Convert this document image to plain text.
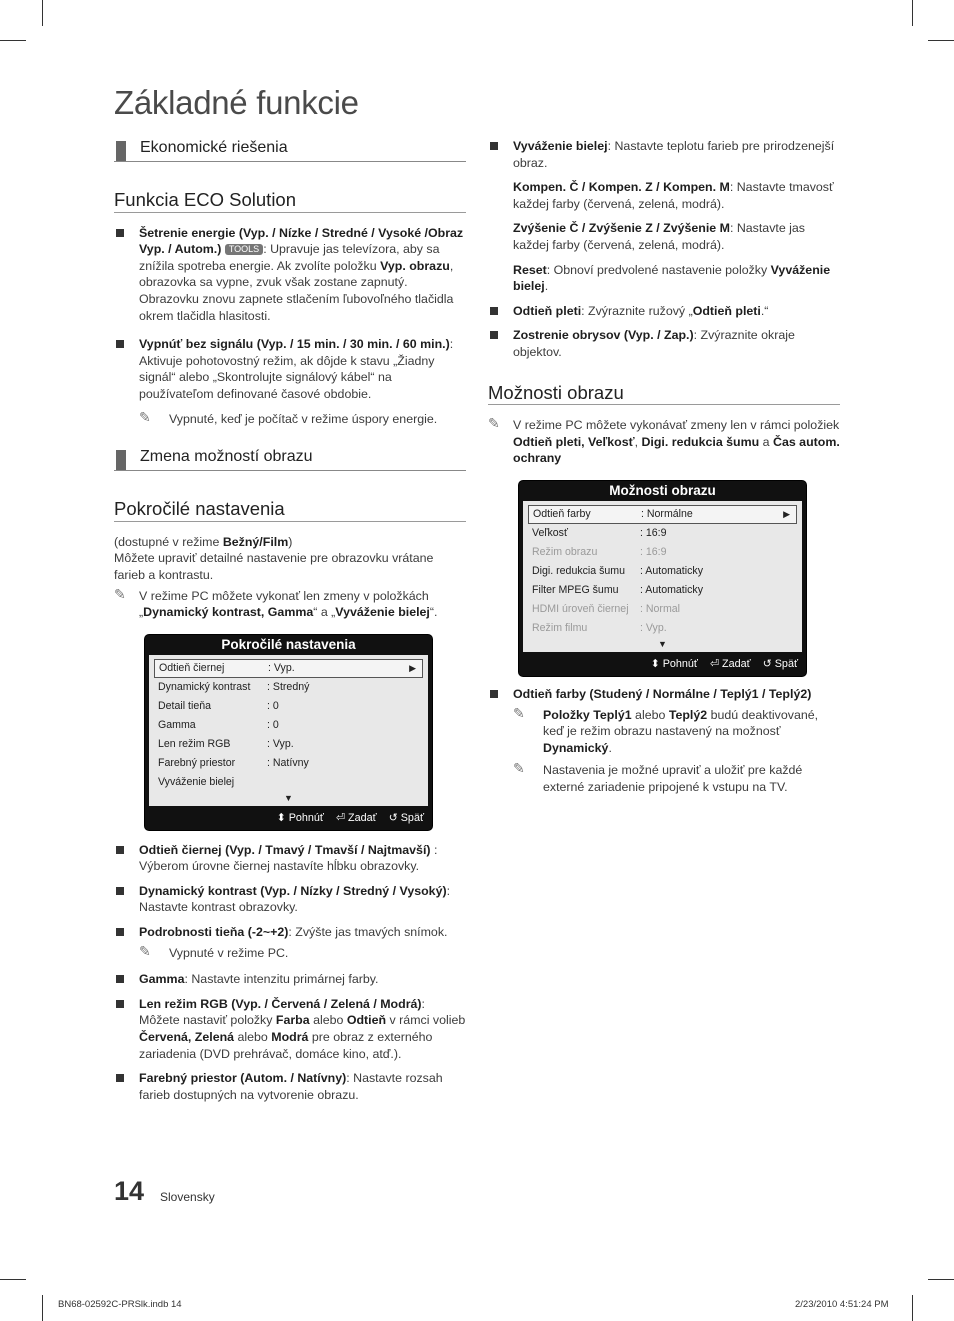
Základné funkcie
Ekonomické riešenia
Funkcia ECO Solution

Šetrenie energie (Vyp. / Nízke / Stredné / Vysoké /Obraz Vyp. / Autom.) TOOLS : Upravuje jas televízora, aby sa znížila spotreba energie. Ak zvolíte položku Vyp. obrazu, obrazovka sa vypne, zvuk však zostane zapnutý. Obrazovku znovu zapnete stlačením ľubovoľného tlačidla okrem tlačidla hlasitosti.

Vypnúť bez signálu (Vyp. / 15 min. / 30 min. / 60 min.): Aktivuje pohotovostný režim, ak dôjde k stavu „Žiadny signál“ alebo „Skontrolujte signálový kábel“ na používateľom definované časové obdobie.

✎ Vypnuté, keď je počítač v režime úspory energie.

Zmena možností obrazu
Pokročilé nastavenia

(dostupné v režime Bežný/Film)

Môžete upraviť detailné nastavenie pre obrazovku vrátane farieb a kontrastu.

✎ V režime PC môžete vykonať len zmeny v položkách „Dynamický kontrast, Gamma“ a „Vyváženie bielej“.

Pokročilé nastavenia
Odtieň čiernej	: Vyp.	▶
Dynamický kontrast : Stredný
Detail tieňa	: 0
Gamma	: 0
Len režim RGB	: Vyp.
Farebný priestor	: Natívny
Vyváženie bielej
▼
⬍ Pohnúť ⏎ Zadať ↺ Späť

Odtieň čiernej (Vyp. / Tmavý / Tmavší / Najtmavší) : Výberom úrovne čiernej nastavíte hĺbku obrazovky.

Dynamický kontrast (Vyp. / Nízky / Stredný / Vysoký): Nastavte kontrast obrazovky.

Podrobnosti tieňa (-2~+2): Zvýšte jas tmavých snímok.

✎ Vypnuté v režime PC.

Gamma: Nastavte intenzitu primárnej farby.

Len režim RGB (Vyp. / Červená / Zelená / Modrá): Môžete nastaviť položky Farba alebo Odtieň v rámci volieb Červená, Zelená alebo Modrá pre obraz z externého zariadenia (DVD prehrávač, domáce kino, atď.).

Farebný priestor (Autom. / Natívny): Nastavte rozsah farieb dostupných na vytvorenie obrazu.

Vyváženie bielej: Nastavte teplotu farieb pre prirodzenejší obraz.

Kompen. Č / Kompen. Z / Kompen. M: Nastavte tmavosť každej farby (červená, zelená, modrá).

Zvýšenie Č / Zvýšenie Z / Zvýšenie M: Nastavte jas každej farby (červená, zelená, modrá).

Reset: Obnoví predvolené nastavenie položky Vyváženie bielej.

Odtieň pleti: Zvýraznite ružový „Odtieň pleti.“

Zostrenie obrysov (Vyp. / Zap.): Zvýraznite okraje objektov.

Možnosti obrazu
✎ V režime PC môžete vykonávať zmeny len v rámci položiek Odtieň pleti, Veľkosť, Digi. redukcia šumu a Čas autom. ochrany

Možnosti obrazu
Odtieň farby	: Normálne	▶
Veľkosť	: 16:9
Režim obrazu	: 16:9
Digi. redukcia šumu : Automaticky
Filter MPEG šumu : Automaticky
HDMI úroveň čiernej : Normal
Režim filmu	: Vyp.
▼
⬍ Pohnúť ⏎ Zadať ↺ Späť

Odtieň farby (Studený / Normálne / Teplý1 / Teplý2)

✎ Položky Teplý1 alebo Teplý2 budú deaktivované, keď je režim obrazu nastavený na možnosť Dynamický.

✎ Nastavenia je možné upraviť a uložiť pre každé externé zariadenie pripojené k vstupu na TV.

14 Slovensky
BN68-02592C-PRSlk.indb 14	2/23/2010 4:51:24 PM
